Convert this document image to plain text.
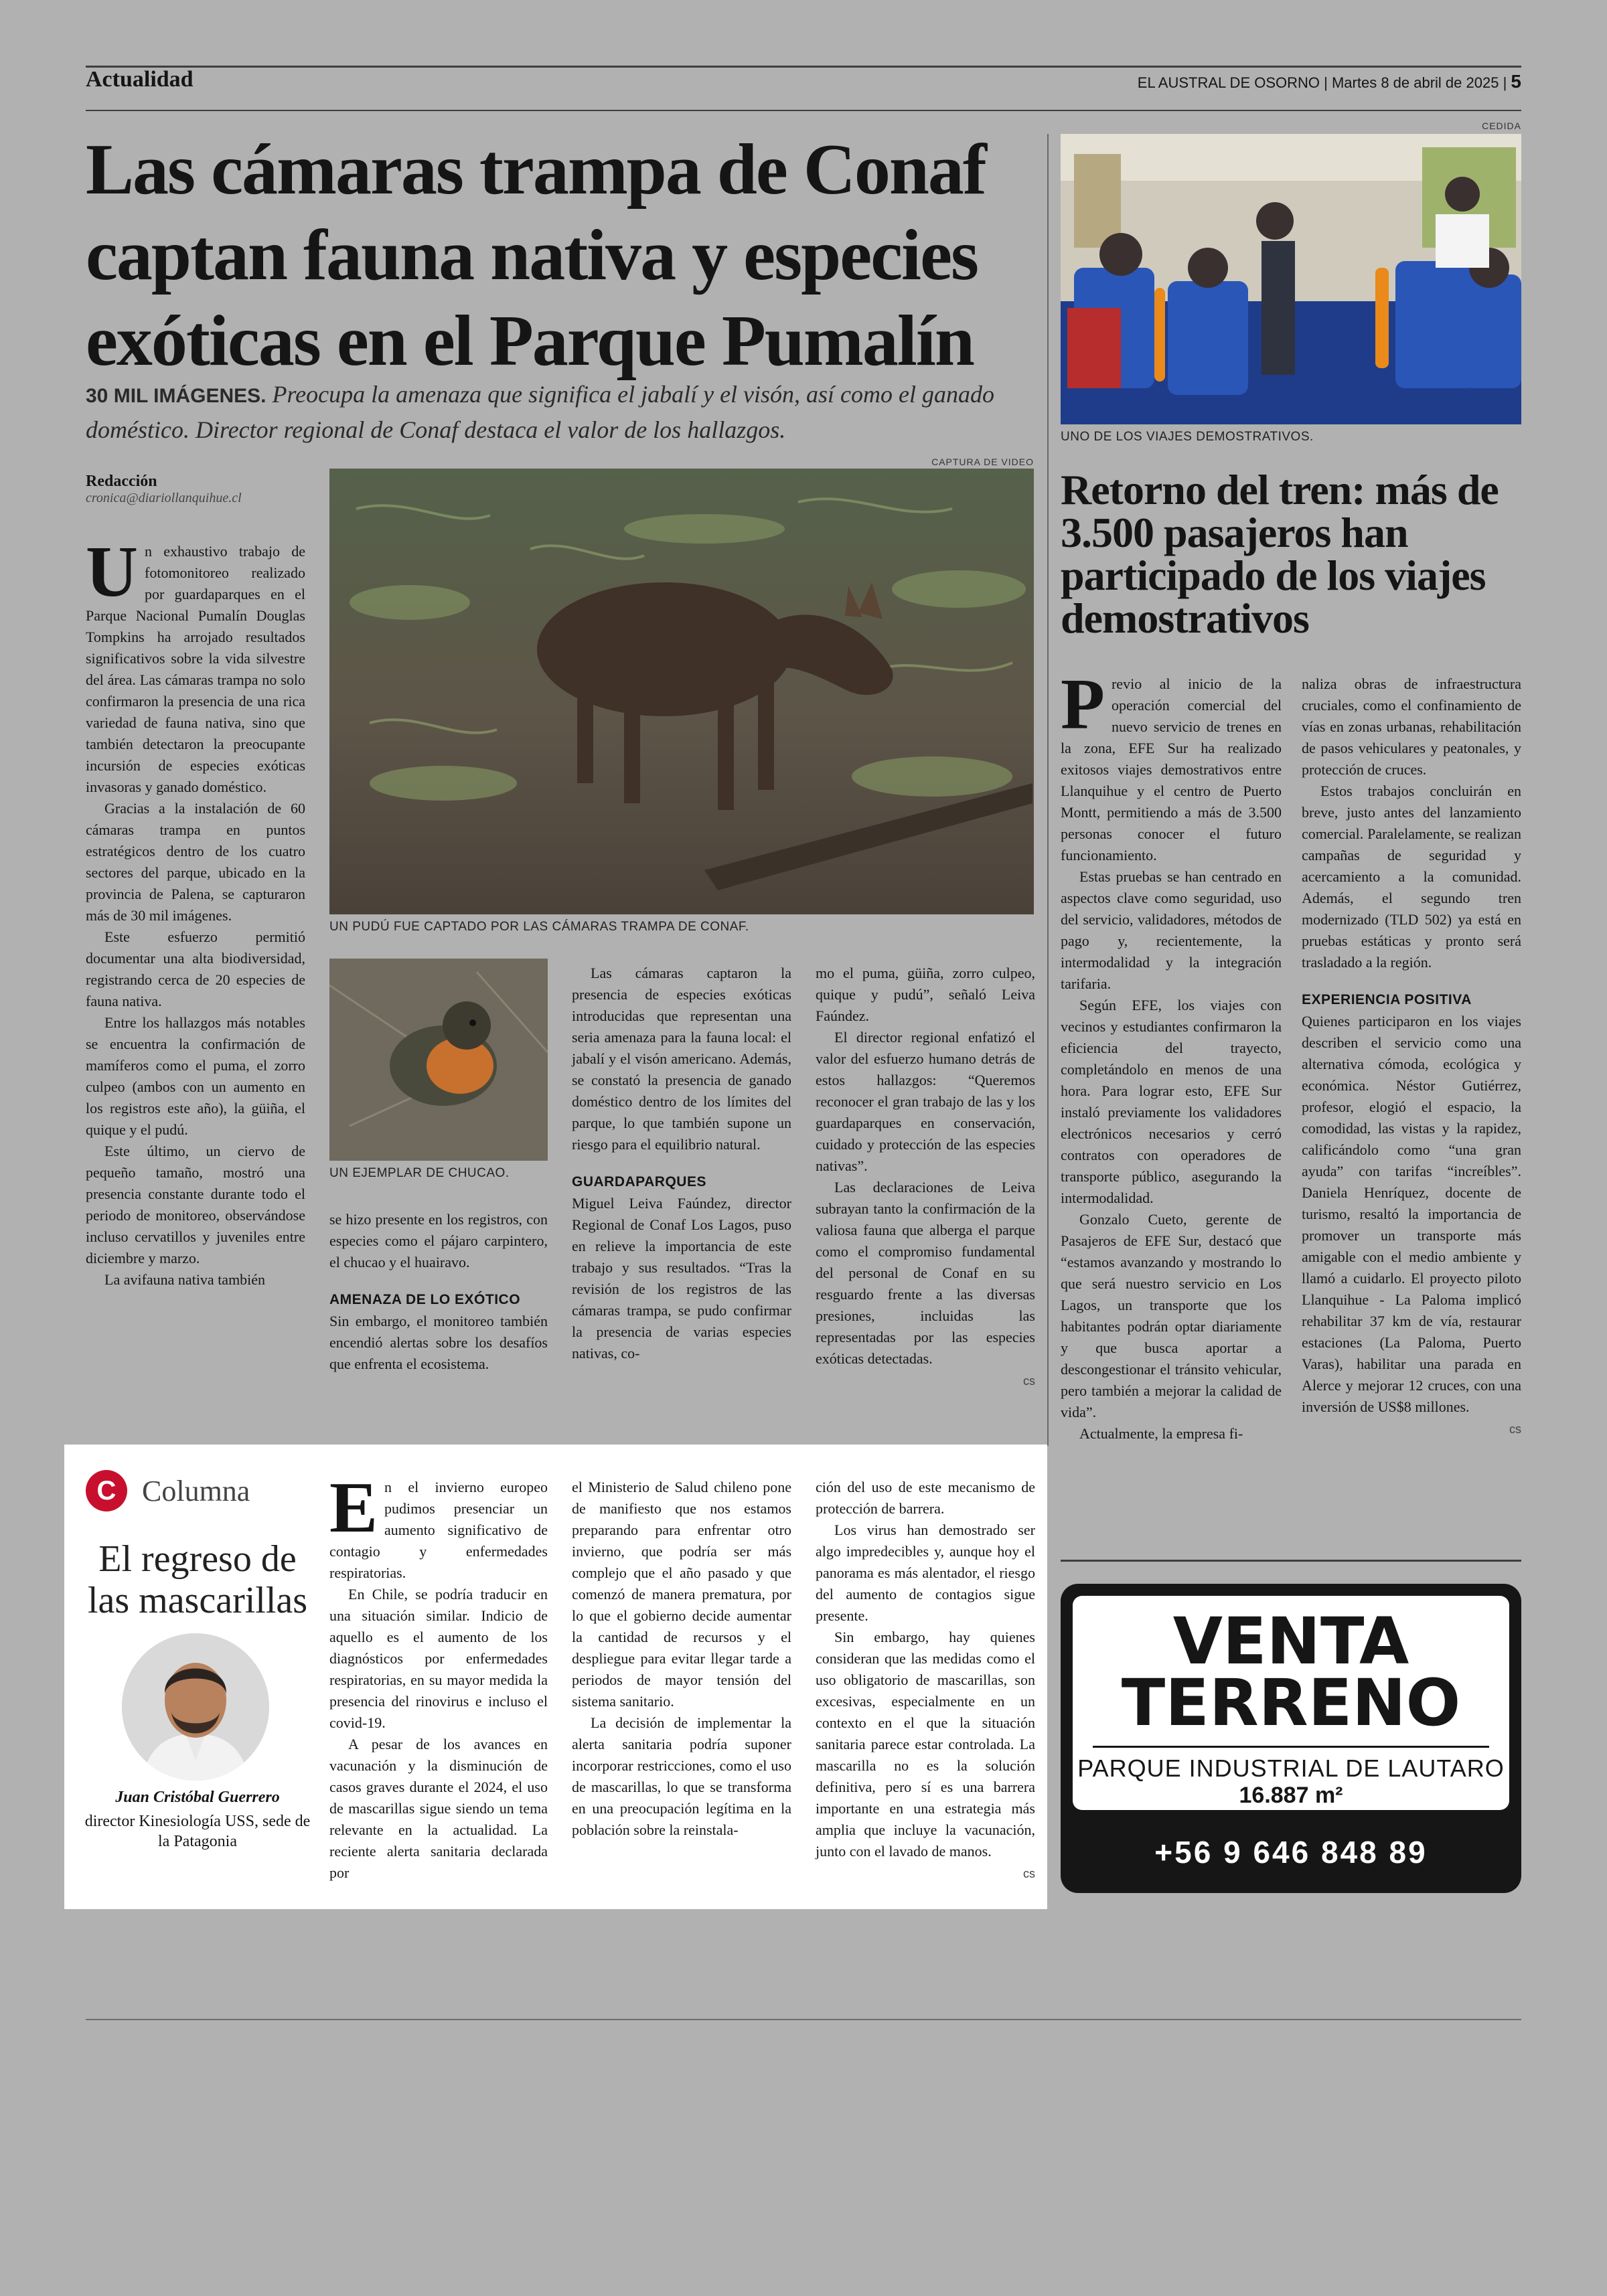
Actualidad	EL AUSTRAL DE OSORNO | Martes 8 de abril de 2025 | 5
Las cámaras trampa de Conaf captan fauna nativa y especies exóticas en el Parque Pumalín
30 MIL IMÁGENES. Preocupa la amenaza que significa el jabalí y el visón, así como el ganado doméstico. Director regional de Conaf destaca el valor de los hallazgos.
Redacción
cronica@diariollanquihue.cl
CAPTURA DE VIDEO
UN PUDÚ FUE CAPTADO POR LAS CÁMARAS TRAMPA DE CONAF.
UN EJEMPLAR DE CHUCAO.

Un exhaustivo trabajo de fotomonitoreo realizado por guardaparques en el Parque Nacional Pumalín Douglas Tompkins ha arrojado resultados significativos sobre la vida silvestre del área. Las cámaras trampa no solo confirmaron la presencia de una rica variedad de fauna nativa, sino que también detectaron la preocupante incursión de especies exóticas invasoras y ganado doméstico.

Gracias a la instalación de 60 cámaras trampa en puntos estratégicos dentro de los cuatro sectores del parque, ubicado en la provincia de Palena, se capturaron más de 30 mil imágenes.

Este esfuerzo permitió documentar una alta biodiversidad, registrando cerca de 20 especies de fauna nativa.

Entre los hallazgos más notables se encuentra la confirmación de mamíferos como el puma, el zorro culpeo (ambos con un aumento en los registros este año), la güiña, el quique y el pudú.

Este último, un ciervo de pequeño tamaño, mostró una presencia constante durante todo el periodo de monitoreo, observándose incluso cervatillos y juveniles entre diciembre y marzo.

La avifauna nativa también

se hizo presente en los registros, con especies como el pájaro carpintero, el chucao y el huairavo.

AMENAZA DE LO EXÓTICO

Sin embargo, el monitoreo también encendió alertas sobre los desafíos que enfrenta el ecosistema.

Las cámaras captaron la presencia de especies exóticas introducidas que representan una seria amenaza para la fauna local: el jabalí y el visón americano. Además, se constató la presencia de ganado doméstico dentro de los límites del parque, lo que también supone un riesgo para el equilibrio natural.

GUARDAPARQUES

Miguel Leiva Faúndez, director Regional de Conaf Los Lagos, puso en relieve la importancia de este trabajo y sus resultados. “Tras la revisión de los registros de las cámaras trampa, se pudo confirmar la presencia de varias especies nativas, co-

mo el puma, güiña, zorro culpeo, quique y pudú”, señaló Leiva Faúndez.

El director regional enfatizó el valor del esfuerzo humano detrás de estos hallazgos: “Queremos reconocer el gran trabajo de las y los guardaparques en conservación, cuidado y protección de las especies nativas”.

Las declaraciones de Leiva subrayan tanto la confirmación de la valiosa fauna que alberga el parque como el compromiso fundamental del personal de Conaf en su resguardo frente a las diversas presiones, incluidas las representadas por las especies exóticas detectadas.

cs
CEDIDA
UNO DE LOS VIAJES DEMOSTRATIVOS.
Retorno del tren: más de 3.500 pasajeros han participado de los viajes demostrativos

Previo al inicio de la operación comercial del nuevo servicio de trenes en la zona, EFE Sur ha realizado exitosos viajes demostrativos entre Llanquihue y el centro de Puerto Montt, permitiendo a más de 3.500 personas conocer el futuro funcionamiento.

Estas pruebas se han centrado en aspectos clave como seguridad, uso del servicio, validadores, métodos de pago y, recientemente, la intermodalidad y la integración tarifaria.

Según EFE, los viajes con vecinos y estudiantes confirmaron la eficiencia del trayecto, completándolo en menos de una hora. Para lograr esto, EFE Sur instaló previamente los validadores electrónicos necesarios y cerró contratos con operadores de transporte público, asegurando la intermodalidad.

Gonzalo Cueto, gerente de Pasajeros de EFE Sur, destacó que “estamos avanzando y mostrando lo que será nuestro servicio en Los Lagos, un transporte que los habitantes podrán optar diariamente y que busca aportar a descongestionar el tránsito vehicular, pero también a mejorar la calidad de vida”.

Actualmente, la empresa fi-

naliza obras de infraestructura cruciales, como el confinamiento de vías en zonas urbanas, rehabilitación de pasos vehiculares y peatonales, y protección de cruces.

Estos trabajos concluirán en breve, justo antes del lanzamiento comercial. Paralelamente, se realizan campañas de seguridad y acercamiento a la comunidad. Además, el segundo tren modernizado (TLD 502) ya está en pruebas estáticas y pronto será trasladado a la región.

EXPERIENCIA POSITIVA

Quienes participaron en los viajes describen el servicio como una alternativa cómoda, ecológica y económica. Néstor Gutiérrez, profesor, elogió el espacio, la comodidad, las vistas y la rapidez, calificándolo como “una gran ayuda” con tarifas “increíbles”. Daniela Henríquez, docente de turismo, resaltó la importancia de promover un transporte más amigable con el medio ambiente y llamó a cuidarlo. El proyecto piloto Llanquihue - La Paloma implicó rehabilitar 37 km de vía, restaurar estaciones (La Paloma, Puerto Varas), habilitar una parada en Alerce y mejorar 12 cruces, con una inversión de US$8 millones.

cs
C Columna
El regreso de las mascarillas
Juan Cristóbal Guerrero
director Kinesiología USS, sede de la Patagonia

En el invierno europeo pudimos presenciar un aumento significativo de contagio y enfermedades respiratorias.

En Chile, se podría traducir en una situación similar. Indicio de aquello es el aumento de los diagnósticos por enfermedades respiratorias, en su mayor medida la presencia del rinovirus e incluso el covid-19.

A pesar de los avances en vacunación y la disminución de casos graves durante el 2024, el uso de mascarillas sigue siendo un tema relevante en la actualidad. La reciente alerta sanitaria declarada por

el Ministerio de Salud chileno pone de manifiesto que nos estamos preparando para enfrentar otro invierno, que podría ser más complejo que el año pasado y que comenzó de manera prematura, por lo que el gobierno decide aumentar la cantidad de recursos y el despliegue para evitar llegar tarde a periodos de mayor tensión del sistema sanitario.

La decisión de implementar la alerta sanitaria podría suponer incorporar restricciones, como el uso de mascarillas, lo que se transforma en una preocupación legítima en la población sobre la reinstala-

ción del uso de este mecanismo de protección de barrera.

Los virus han demostrado ser algo impredecibles y, aunque hoy el panorama es más alentador, el riesgo del aumento de contagios sigue presente.

Sin embargo, hay quienes consideran que las medidas como el uso obligatorio de mascarillas, son excesivas, especialmente en un contexto en el que la situación sanitaria parece estar controlada. La mascarilla no es la solución definitiva, pero sí es una barrera importante en una estrategia más amplia que incluye la vacunación, junto con el lavado de manos.

cs
VENTA
TERRENO
PARQUE INDUSTRIAL DE LAUTARO
16.887 m²
+56 9 646 848 89
